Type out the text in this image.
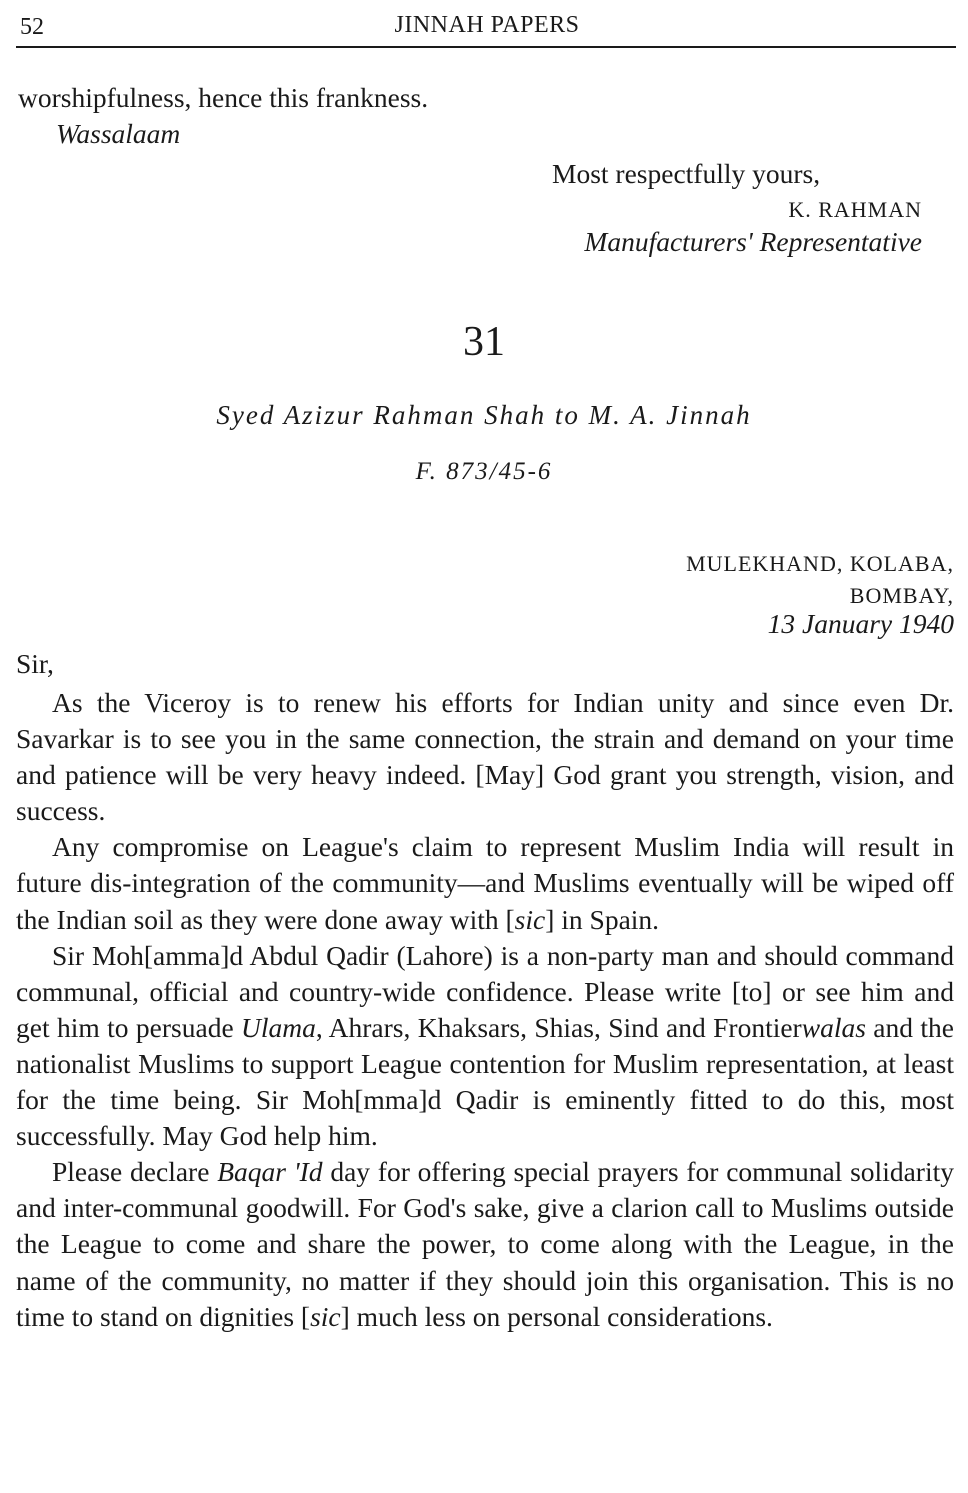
52	JINNAH PAPERS
worshipfulness, hence this frankness.
Wassalaam
Most respectfully yours,
K. RAHMAN
Manufacturers' Representative
31
Syed Azizur Rahman Shah to M. A. Jinnah
F. 873/45-6
MULEKHAND, KOLABA,
BOMBAY,
13 January 1940
Sir,

As the Viceroy is to renew his efforts for Indian unity and since even Dr. Savarkar is to see you in the same connection, the strain and demand on your time and patience will be very heavy indeed. [May] God grant you strength, vision, and success.

Any compromise on League's claim to represent Muslim India will result in future dis-integration of the community—and Muslims eventually will be wiped off the Indian soil as they were done away with [sic] in Spain.

Sir Moh[amma]d Abdul Qadir (Lahore) is a non-party man and should command communal, official and country-wide confidence. Please write [to] or see him and get him to persuade Ulama, Ahrars, Khaksars, Shias, Sind and Frontierwalas and the nationalist Muslims to support League contention for Muslim representation, at least for the time being. Sir Moh[mma]d Qadir is eminently fitted to do this, most successfully. May God help him.

Please declare Baqar 'Id day for offering special prayers for communal solidarity and inter-communal goodwill. For God's sake, give a clarion call to Muslims outside the League to come and share the power, to come along with the League, in the name of the community, no matter if they should join this organisation. This is no time to stand on dignities [sic] much less on personal considerations.
